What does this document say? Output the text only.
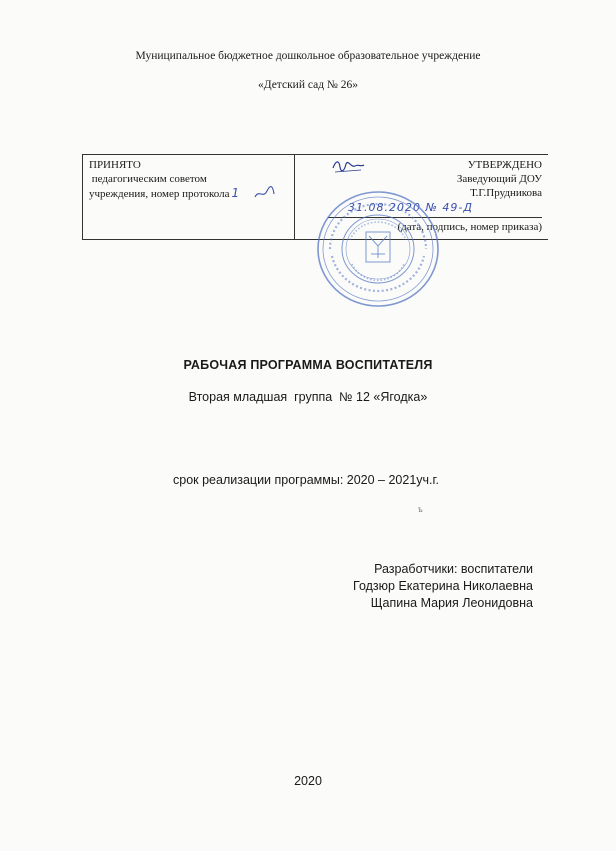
Муниципальное бюджетное дошкольное образовательное учреждение
«Детский сад № 26»
ПРИНЯТО
педагогическим советом
учреждения, номер протокола 1
УТВЕРЖДЕНО
Заведующий ДОУ
Т.Г.Прудникова
31.08.2020 № 49-Д
(дата, подпись, номер приказа)
РАБОЧАЯ ПРОГРАММА ВОСПИТАТЕЛЯ
Вторая младшая  группа  № 12 «Ягодка»
срок реализации программы: 2020 – 2021уч.г.
ъ
Разработчики: воспитатели
Годзюр Екатерина Николаевна
Щапина Мария Леонидовна
2020
